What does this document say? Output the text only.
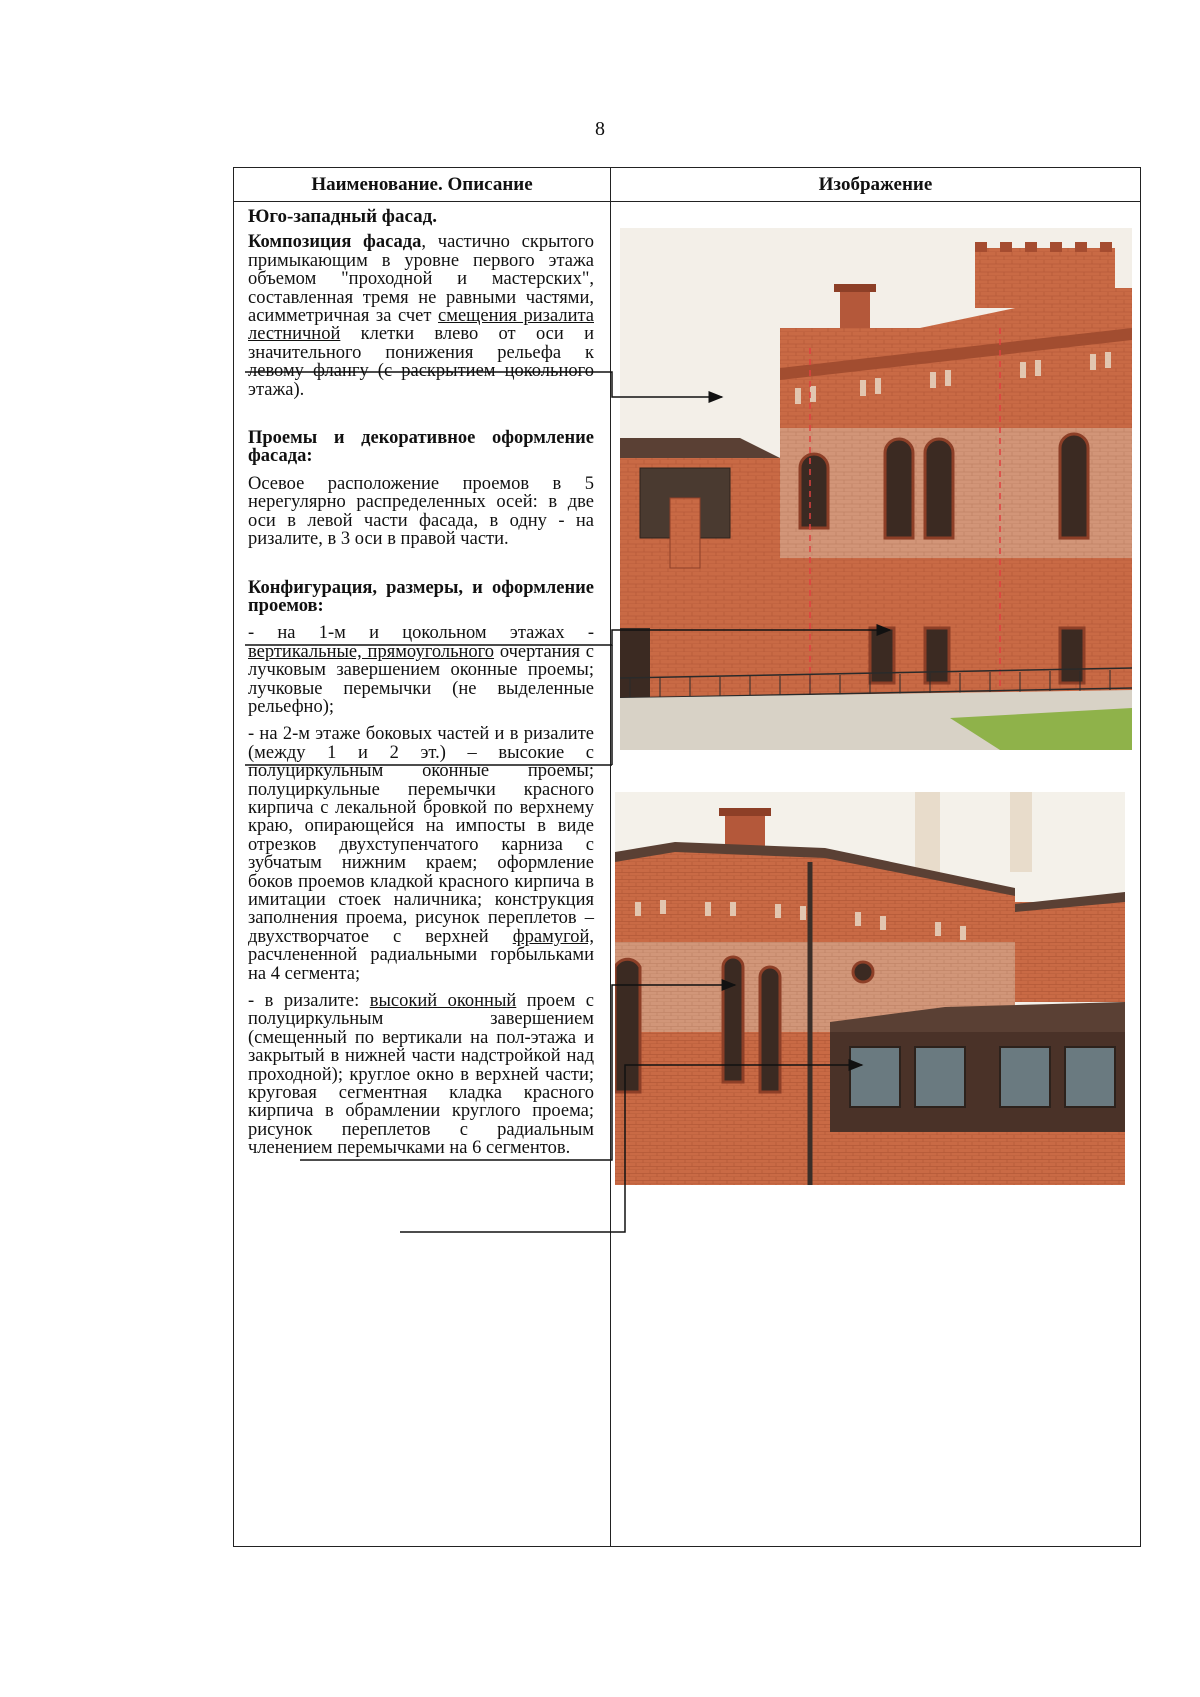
8
Наименование. Описание	Изображение

Юго-западный фасад.

Композиция фасада, частично скрытого примыкающим в уровне первого этажа объемом "проходной и мастерских", составленная тремя не равными частями, асимметричная за счет смещения ризалита лестничной клетки влево от оси и значительного понижения рельефа к левому флангу (с раскрытием цокольного этажа).

Проемы и декоративное оформление фасада:

Осевое расположение проемов в 5 нерегулярно распределенных осей: в две оси в левой части фасада, в одну - на ризалите, в 3 оси в правой части.

Конфигурация, размеры, и оформление проемов:

- на 1-м и цокольном этажах - вертикальные, прямоугольного очертания с лучковым завершением оконные проемы; лучковые перемычки (не выделенные рельефно);

- на 2-м этаже боковых частей и в ризалите (между 1 и 2 эт.) – высокие с полуциркульным оконные проемы; полуциркульные перемычки красного кирпича с лекальной бровкой по верхнему краю, опирающейся на импосты в виде отрезков двухступенчатого карниза с зубчатым нижним краем; оформление боков проемов кладкой красного кирпича в имитации стоек наличника; конструкция заполнения проема, рисунок переплетов – двухстворчатое с верхней фрамугой, расчлененной радиальными горбыльками на 4 сегмента;

- в ризалите: высокий оконный проем с полуциркульным завершением (смещенный по вертикали на пол-этажа и закрытый в нижней части надстройкой над проходной); круглое окно в верхней части; круговая сегментная кладка красного кирпича в обрамлении круглого проема; рисунок переплетов с радиальным членением перемычками на 6 сегментов.
